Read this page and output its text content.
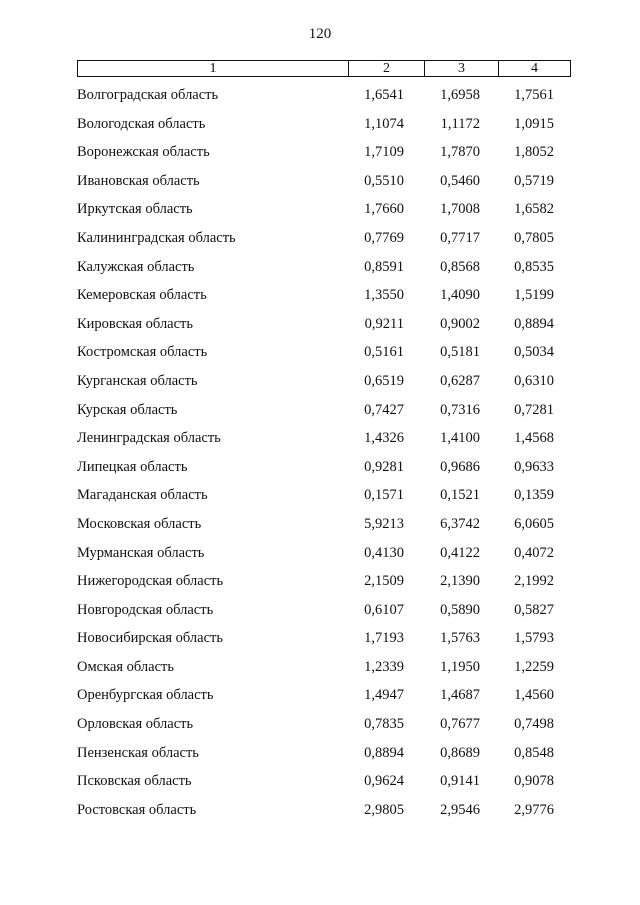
120
1	2	3	4
Волгоградская область	1,6541 1,6958 1,7561
Вологодская область	1,1074	1,1172 1,0915
Воронежская область	1,7109 1,7870 1,8052
Ивановская область	0,5510 0,5460 0,5719
Иркутская область	1,7660 1,7008 1,6582
Калининградская область	0,7769 0,7717 0,7805
Калужская область	0,8591 0,8568 0,8535
Кемеровская область	1,3550 1,4090 1,5199
Кировская область	0,9211 0,9002 0,8894
Костромская область	0,5161 0,5181 0,5034
Курганская область	0,6519 0,6287 0,6310
Курская область	0,7427 0,7316 0,7281
Ленинградская область	1,4326 1,4100 1,4568
Липецкая область	0,9281 0,9686 0,9633
Магаданская область	0,1571 0,1521 0,1359
Московская область	5,9213 6,3742 6,0605
Мурманская область	0,4130 0,4122 0,4072
Нижегородская область	2,1509 2,1390 2,1992
Новгородская область	0,6107 0,5890 0,5827
Новосибирская область	1,7193 1,5763 1,5793
Омская область	1,2339 1,1950 1,2259
Оренбургская область	1,4947 1,4687 1,4560
Орловская область	0,7835 0,7677 0,7498
Пензенская область	0,8894 0,8689 0,8548
Псковская область	0,9624 0,9141 0,9078
Ростовская область	2,9805 2,9546 2,9776
